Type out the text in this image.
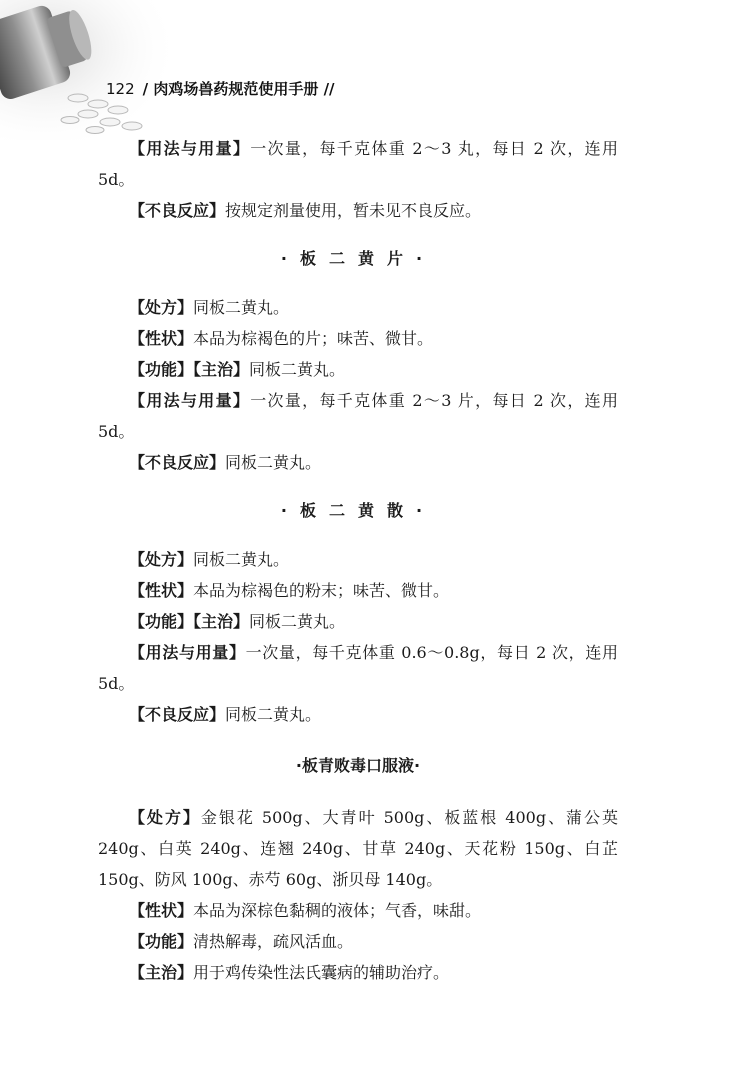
122 / 肉鸡场兽药规范使用手册 //

【用法与用量】一次量，每千克体重 2～3 丸，每日 2 次，连用 5d。

【不良反应】按规定剂量使用，暂未见不良反应。

·板二黄片·

【处方】同板二黄丸。

【性状】本品为棕褐色的片；味苦、微甘。

【功能】【主治】同板二黄丸。

【用法与用量】一次量，每千克体重 2～3 片，每日 2 次，连用 5d。

【不良反应】同板二黄丸。

·板二黄散·

【处方】同板二黄丸。

【性状】本品为棕褐色的粉末；味苦、微甘。

【功能】【主治】同板二黄丸。

【用法与用量】一次量，每千克体重 0.6～0.8g，每日 2 次，连用 5d。

【不良反应】同板二黄丸。

·板青败毒口服液·

【处方】金银花 500g、大青叶 500g、板蓝根 400g、蒲公英 240g、白英 240g、连翘 240g、甘草 240g、天花粉 150g、白芷 150g、防风 100g、赤芍 60g、浙贝母 140g。

【性状】本品为深棕色黏稠的液体；气香，味甜。

【功能】清热解毒，疏风活血。

【主治】用于鸡传染性法氏囊病的辅助治疗。
